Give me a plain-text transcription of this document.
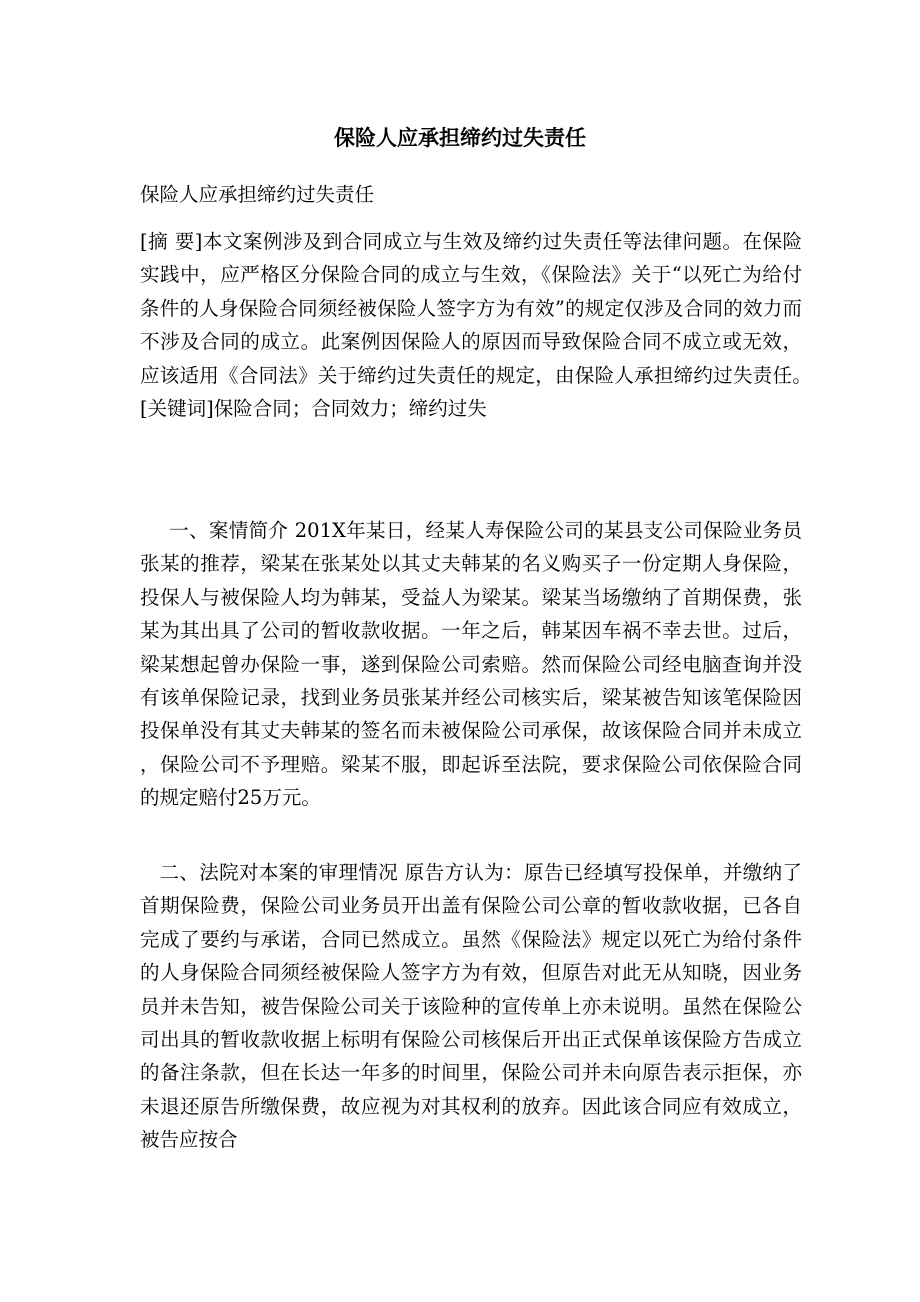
保险人应承担缔约过失责任

保险人应承担缔约过失责任

[摘 要]本文案例涉及到合同成立与生效及缔约过失责任等法律问题。在保险实践中，应严格区分保险合同的成立与生效，《保险法》关于“以死亡为给付条件的人身保险合同须经被保险人签字方为有效”的规定仅涉及合同的效力而不涉及合同的成立。此案例因保险人的原因而导致保险合同不成立或无效，应该适用《合同法》关于缔约过失责任的规定，由保险人承担缔约过失责任。　[关键词]保险合同；合同效力；缔约过失

一、案情简介 201X年某日，经某人寿保险公司的某县支公司保险业务员张某的推荐，梁某在张某处以其丈夫韩某的名义购买子一份定期人身保险，投保人与被保险人均为韩某，受益人为梁某。梁某当场缴纳了首期保费，张某为其出具了公司的暂收款收据。一年之后，韩某因车祸不幸去世。过后，梁某想起曾办保险一事，遂到保险公司索赔。然而保险公司经电脑查询并没有该单保险记录，找到业务员张某并经公司核实后，梁某被告知该笔保险因投保单没有其丈夫韩某的签名而未被保险公司承保，故该保险合同并未成立，保险公司不予理赔。梁某不服，即起诉至法院，要求保险公司依保险合同的规定赔付25万元。

二、法院对本案的审理情况 原告方认为：原告已经填写投保单，并缴纳了首期保险费，保险公司业务员开出盖有保险公司公章的暂收款收据，已各自完成了要约与承诺，合同已然成立。虽然《保险法》规定以死亡为给付条件的人身保险合同须经被保险人签字方为有效，但原告对此无从知晓，因业务员并未告知，被告保险公司关于该险种的宣传单上亦未说明。虽然在保险公司出具的暂收款收据上标明有保险公司核保后开出正式保单该保险方告成立的备注条款，但在长达一年多的时间里，保险公司并未向原告表示拒保，亦未退还原告所缴保费，故应视为对其权利的放弃。因此该合同应有效成立，被告应按合
